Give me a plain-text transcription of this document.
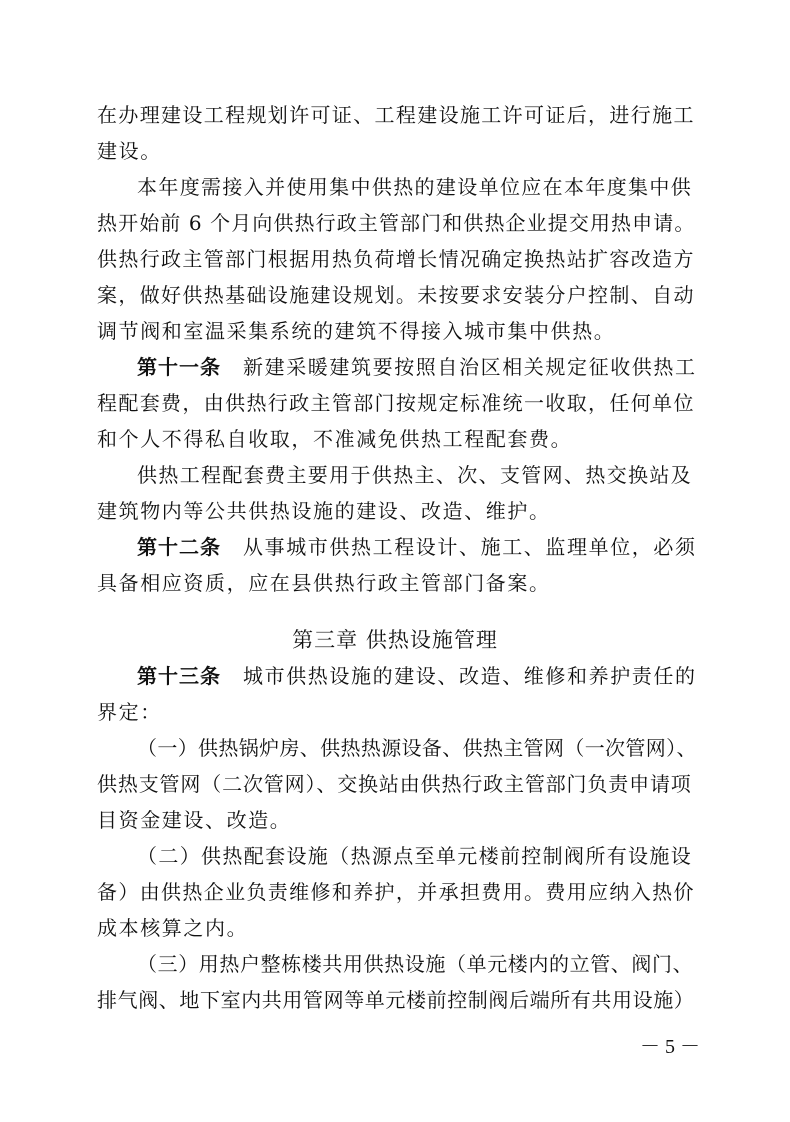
在办理建设工程规划许可证、工程建设施工许可证后，进行施工
建设。
本年度需接入并使用集中供热的建设单位应在本年度集中供
热开始前 6 个月向供热行政主管部门和供热企业提交用热申请。
供热行政主管部门根据用热负荷增长情况确定换热站扩容改造方
案，做好供热基础设施建设规划。未按要求安装分户控制、自动
调节阀和室温采集系统的建筑不得接入城市集中供热。
第十一条 新建采暖建筑要按照自治区相关规定征收供热工
程配套费，由供热行政主管部门按规定标准统一收取，任何单位
和个人不得私自收取，不准减免供热工程配套费。
供热工程配套费主要用于供热主、次、支管网、热交换站及
建筑物内等公共供热设施的建设、改造、维护。
第十二条 从事城市供热工程设计、施工、监理单位，必须
具备相应资质，应在县供热行政主管部门备案。
第三章 供热设施管理
第十三条 城市供热设施的建设、改造、维修和养护责任的
界定：
（一）供热锅炉房、供热热源设备、供热主管网（一次管网）、
供热支管网（二次管网）、交换站由供热行政主管部门负责申请项
目资金建设、改造。
（二）供热配套设施（热源点至单元楼前控制阀所有设施设
备）由供热企业负责维修和养护，并承担费用。费用应纳入热价
成本核算之内。
（三）用热户整栋楼共用供热设施（单元楼内的立管、阀门、
排气阀、地下室内共用管网等单元楼前控制阀后端所有共用设施）
－ 5 －
